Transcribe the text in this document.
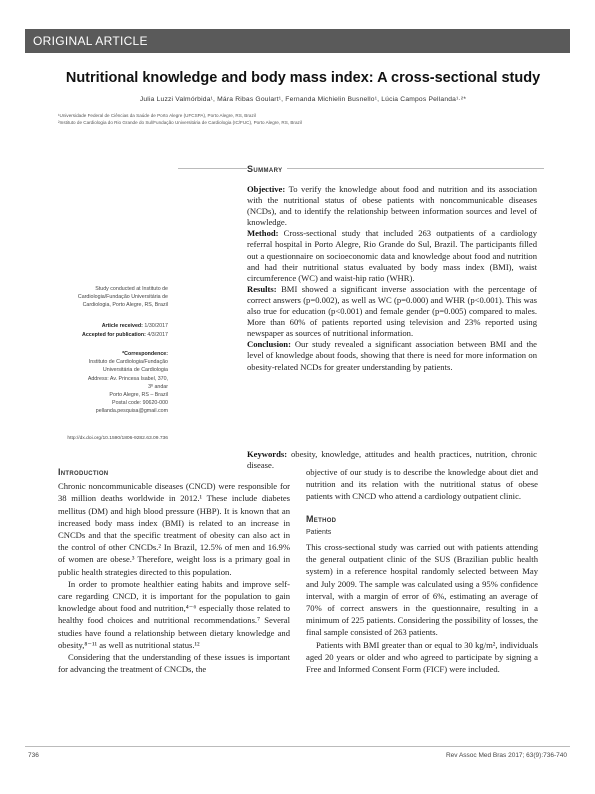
ORIGINAL ARTICLE
Nutritional knowledge and body mass index: A cross-sectional study
Julia Luzzi Valmórbida¹, Mára Ribas Goulart¹, Fernanda Michielin Busnello¹, Lúcia Campos Pellanda¹·²*
¹Universidade Federal de Ciências da Saúde de Porto Alegre (UFCSPA), Porto Alegre, RS, Brazil
²Instituto de Cardiologia do Rio Grande do Sul/Fundação Universitária de Cardiologia (IC/FUC), Porto Alegre, RS, Brazil
Study conducted at Instituto de Cardiologia/Fundação Universitária de Cardiologia, Porto Alegre, RS, Brazil
Article received: 1/30/2017
Accepted for publication: 4/3/2017
*Correspondence:
Instituto de Cardiologia/Fundação
Universitária de Cardiologia
Address: Av. Princesa Isabel, 370,
3º andar
Porto Alegre, RS – Brazil
Postal code: 90620-000
pellanda.pesquisa@gmail.com
http://dx.doi.org/10.1590/1806-9282.63.09.736
Summary

Objective: To verify the knowledge about food and nutrition and its association with the nutritional status of obese patients with noncommunicable diseases (NCDs), and to identify the relationship between information sources and level of knowledge.

Method: Cross-sectional study that included 263 outpatients of a cardiology referral hospital in Porto Alegre, Rio Grande do Sul, Brazil. The participants filled out a questionnaire on socioeconomic data and knowledge about food and nutrition and had their nutritional status evaluated by body mass index (BMI), waist circumference (WC) and waist-hip ratio (WHR).

Results: BMI showed a significant inverse association with the percentage of correct answers (p=0.002), as well as WC (p=0.000) and WHR (p<0.001). This was also true for education (p<0.001) and female gender (p=0.005) compared to males. More than 60% of patients reported using television and 23% reported using newspaper as sources of nutritional information.

Conclusion: Our study revealed a significant association between BMI and the level of knowledge about foods, showing that there is need for more information on obesity-related NCDs for greater understanding by patients.

Keywords: obesity, knowledge, attitudes and health practices, nutrition, chronic disease.
Introduction

Chronic noncommunicable diseases (CNCD) were responsible for 38 million deaths worldwide in 2012.¹ These include diabetes mellitus (DM) and high blood pressure (HBP). It is known that an increased body mass index (BMI) is related to an increase in CNCDs and that the specific treatment of obesity can also act in the control of other CNCDs.² In Brazil, 12.5% of men and 16.9% of women are obese.³ Therefore, weight loss is a primary goal in public health strategies directed to this population.

In order to promote healthier eating habits and improve self-care regarding CNCD, it is important for the population to gain knowledge about food and nutrition,⁴⁻⁶ especially those related to healthy food choices and nutritional recommendations.⁷ Several studies have found a relationship between dietary knowledge and obesity,⁸⁻¹¹ as well as nutritional status.¹²

Considering that the understanding of these issues is important for advancing the treatment of CNCDs, the

objective of our study is to describe the knowledge about diet and nutrition and its relation with the nutritional status of obese patients with CNCD who attend a cardiology outpatient clinic.

Method
Patients

This cross-sectional study was carried out with patients attending the general outpatient clinic of the SUS (Brazilian public health system) in a reference hospital randomly selected between May and July 2009. The sample was calculated using a 95% confidence interval, with a margin of error of 6%, estimating an average of 70% of correct answers in the questionnaire, resulting in a minimum of 225 patients. Considering the possibility of losses, the final sample consisted of 263 patients.

Patients with BMI greater than or equal to 30 kg/m², individuals aged 20 years or older and who agreed to participate by signing a Free and Informed Consent Form (FICF) were included.

736	Rev Assoc Med Bras 2017; 63(9):736-740
